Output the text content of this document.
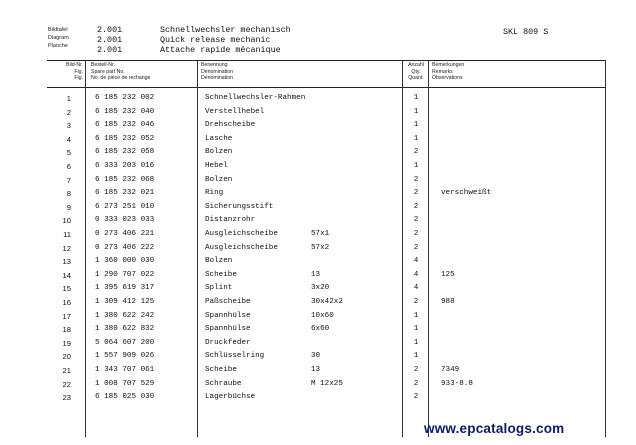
Bildtafel
Diagram
Planche
2.001
2.001
2.001
Schnellwechsler mechanisch
Quick release mechanic
Attache rapide mécanique
SKL 809 S
Bild-Nr.
Fig.
Fig.
Bestell-Nr.
Spare part No.
No. de pièce de rechange
Benennung
Denomination
Dénomination
Anzahl
Qty.
Quant.
Bemerkungen
Remarks
Observations
1	6 185 232 002	Schnellwechsler-Rahmen	1
2	6 185 232 040	Verstellhebel	1
3	6 185 232 046	Drehscheibe	1
4	6 185 232 052	Lasche	1
5	6 185 232 058	Bolzen	2
6	6 333 203 016	Hebel	1
7	6 185 232 068	Bolzen	2
8	6 185 232 021	Ring	2	verschweißt
9	6 273 251 010	Sicherungsstift	2
10	0 333 023 033	Distanzrohr	2
11	0 273 406 221	Ausgleichscheibe	57x1	2
12	0 273 406 222	Ausgleichscheibe	57x2	2
13	1 360 000 030	Bolzen	4
14	1 290 707 022	Scheibe	13	4	125
15	1 395 619 317	Splint	3x20	4
16	1 309 412 125	Paßscheibe	30x42x2	2	988
17	1 380 622 242	Spannhülse	10x60	1
18	1 380 622 832	Spannhülse	6x60	1
19	5 064 607 200	Druckfeder	1
20	1 557 909 026	Schlüsselring	30	1
21	1 343 707 061	Scheibe	13	2	7349
22	1 008 707 529	Schraube	M 12x25	2	933-8.8
23	6 185 025 030	Lagerbüchse	2
www.epcatalogs.com
